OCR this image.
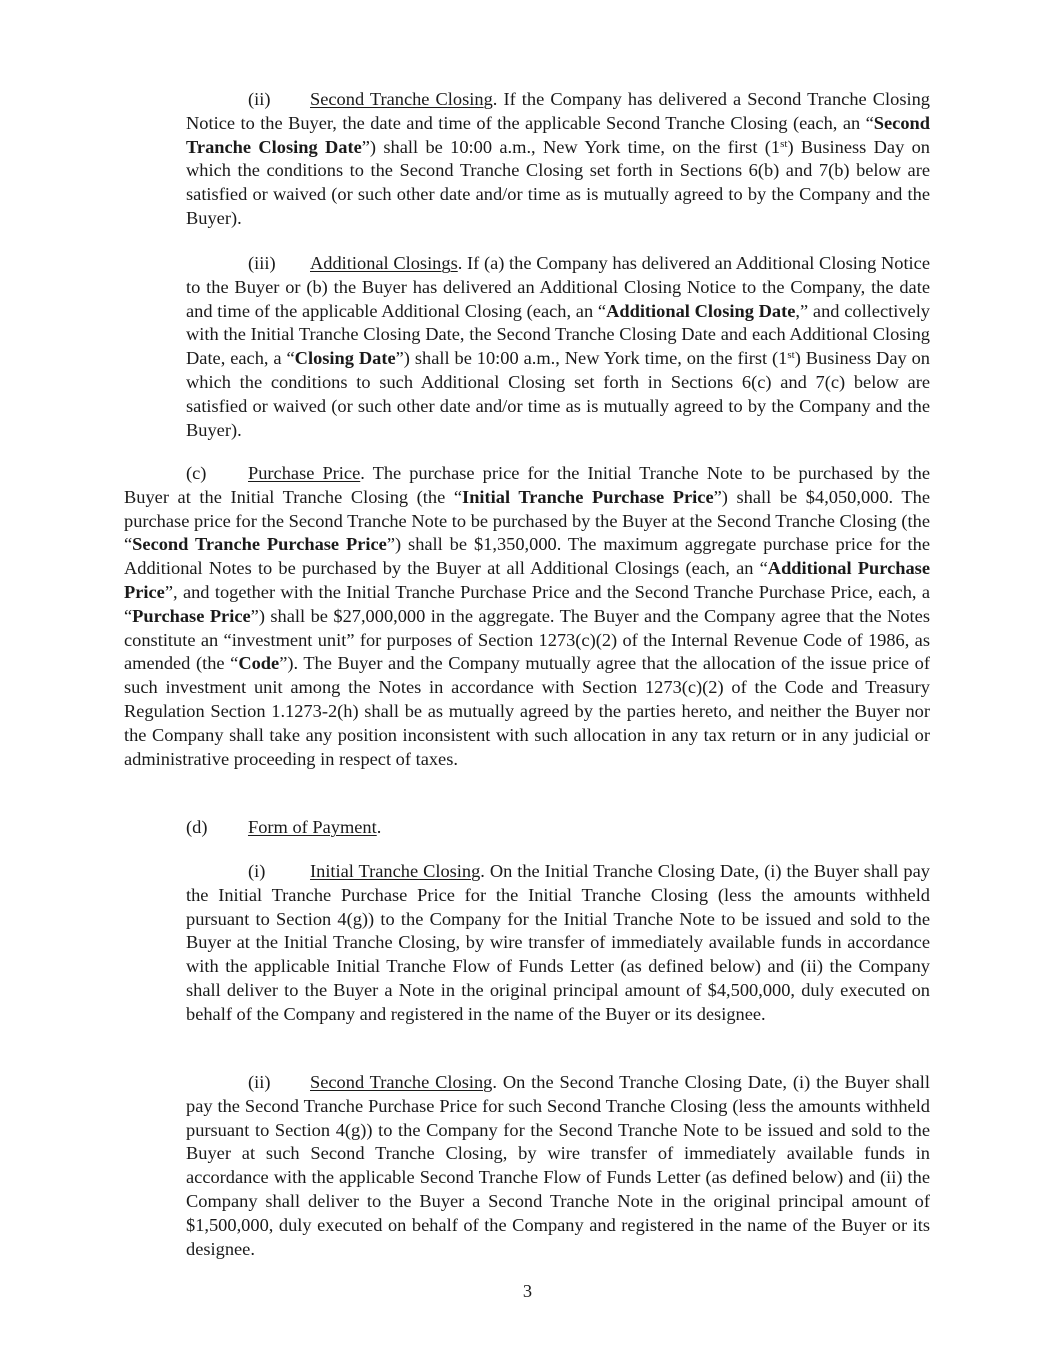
(ii) Second Tranche Closing. If the Company has delivered a Second Tranche Closing Notice to the Buyer, the date and time of the applicable Second Tranche Closing (each, an “Second Tranche Closing Date”) shall be 10:00 a.m., New York time, on the first (1st) Business Day on which the conditions to the Second Tranche Closing set forth in Sections 6(b) and 7(b) below are satisfied or waived (or such other date and/or time as is mutually agreed to by the Company and the Buyer).

(iii) Additional Closings. If (a) the Company has delivered an Additional Closing Notice to the Buyer or (b) the Buyer has delivered an Additional Closing Notice to the Company, the date and time of the applicable Additional Closing (each, an “Additional Closing Date,” and collectively with the Initial Tranche Closing Date, the Second Tranche Closing Date and each Additional Closing Date, each, a “Closing Date”) shall be 10:00 a.m., New York time, on the first (1st) Business Day on which the conditions to such Additional Closing set forth in Sections 6(c) and 7(c) below are satisfied or waived (or such other date and/or time as is mutually agreed to by the Company and the Buyer).

(c) Purchase Price. The purchase price for the Initial Tranche Note to be purchased by the Buyer at the Initial Tranche Closing (the “Initial Tranche Purchase Price”) shall be $4,050,000. The purchase price for the Second Tranche Note to be purchased by the Buyer at the Second Tranche Closing (the “Second Tranche Purchase Price”) shall be $1,350,000. The maximum aggregate purchase price for the Additional Notes to be purchased by the Buyer at all Additional Closings (each, an “Additional Purchase Price”, and together with the Initial Tranche Purchase Price and the Second Tranche Purchase Price, each, a “Purchase Price”) shall be $27,000,000 in the aggregate. The Buyer and the Company agree that the Notes constitute an “investment unit” for purposes of Section 1273(c)(2) of the Internal Revenue Code of 1986, as amended (the “Code”). The Buyer and the Company mutually agree that the allocation of the issue price of such investment unit among the Notes in accordance with Section 1273(c)(2) of the Code and Treasury Regulation Section 1.1273-2(h) shall be as mutually agreed by the parties hereto, and neither the Buyer nor the Company shall take any position inconsistent with such allocation in any tax return or in any judicial or administrative proceeding in respect of taxes.

(d) Form of Payment.

(i) Initial Tranche Closing. On the Initial Tranche Closing Date, (i) the Buyer shall pay the Initial Tranche Purchase Price for the Initial Tranche Closing (less the amounts withheld pursuant to Section 4(g)) to the Company for the Initial Tranche Note to be issued and sold to the Buyer at the Initial Tranche Closing, by wire transfer of immediately available funds in accordance with the applicable Initial Tranche Flow of Funds Letter (as defined below) and (ii) the Company shall deliver to the Buyer a Note in the original principal amount of $4,500,000, duly executed on behalf of the Company and registered in the name of the Buyer or its designee.

(ii) Second Tranche Closing. On the Second Tranche Closing Date, (i) the Buyer shall pay the Second Tranche Purchase Price for such Second Tranche Closing (less the amounts withheld pursuant to Section 4(g)) to the Company for the Second Tranche Note to be issued and sold to the Buyer at such Second Tranche Closing, by wire transfer of immediately available funds in accordance with the applicable Second Tranche Flow of Funds Letter (as defined below) and (ii) the Company shall deliver to the Buyer a Second Tranche Note in the original principal amount of $1,500,000, duly executed on behalf of the Company and registered in the name of the Buyer or its designee.

3
